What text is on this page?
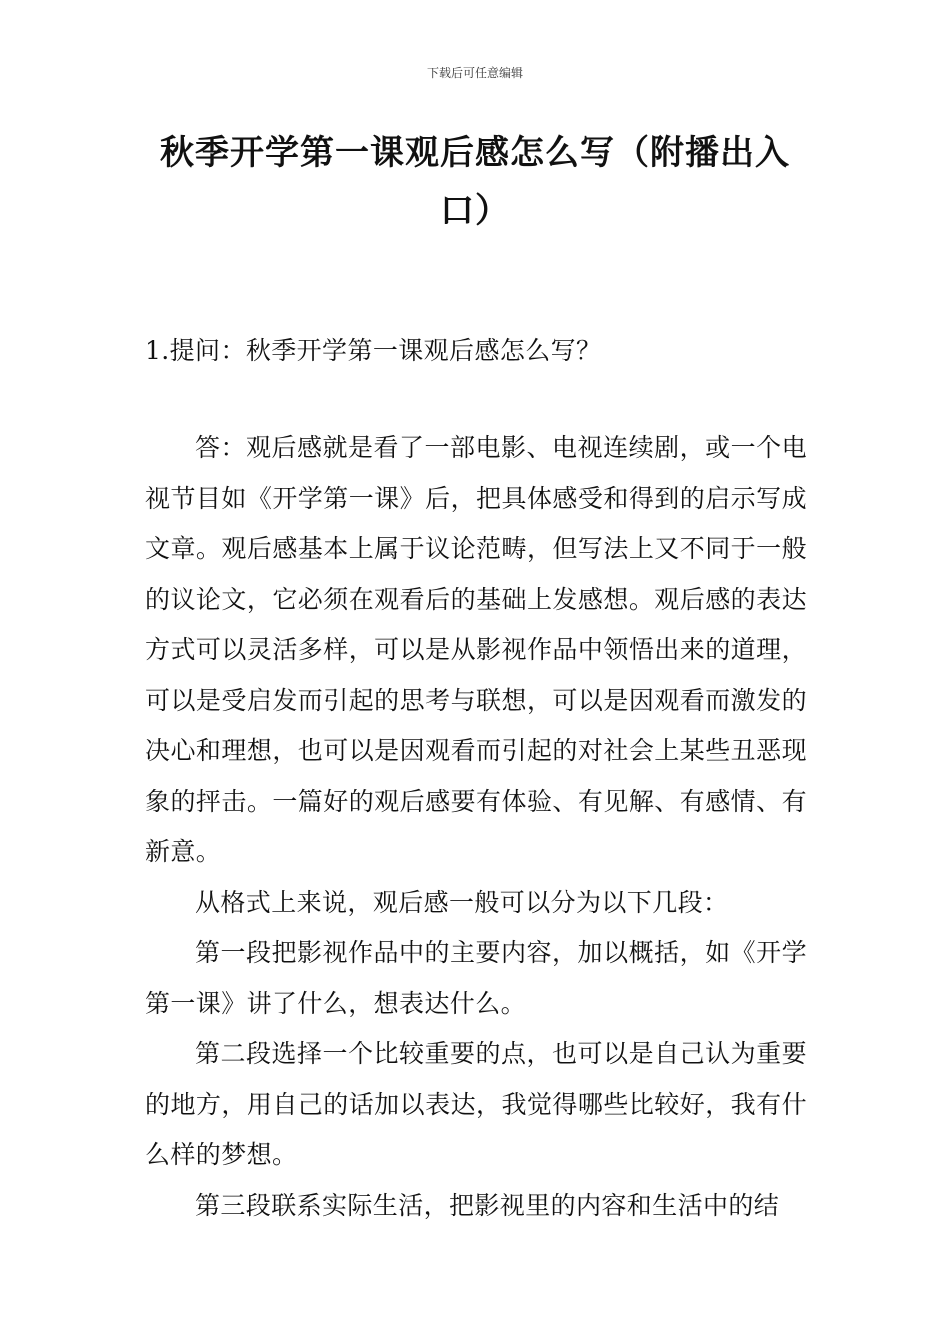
下载后可任意编辑
秋季开学第一课观后感怎么写（附播出入口）
1.提问：秋季开学第一课观后感怎么写？

答：观后感就是看了一部电影、电视连续剧，或一个电视节目如《开学第一课》后，把具体感受和得到的启示写成文章。观后感基本上属于议论范畴，但写法上又不同于一般的议论文，它必须在观看后的基础上发感想。观后感的表达方式可以灵活多样，可以是从影视作品中领悟出来的道理，可以是受启发而引起的思考与联想，可以是因观看而激发的决心和理想，也可以是因观看而引起的对社会上某些丑恶现象的抨击。一篇好的观后感要有体验、有见解、有感情、有新意。

从格式上来说，观后感一般可以分为以下几段：

第一段把影视作品中的主要内容，加以概括，如《开学第一课》讲了什么，想表达什么。

第二段选择一个比较重要的点，也可以是自己认为重要的地方，用自己的话加以表达，我觉得哪些比较好，我有什么样的梦想。

第三段联系实际生活，把影视里的内容和生活中的结
